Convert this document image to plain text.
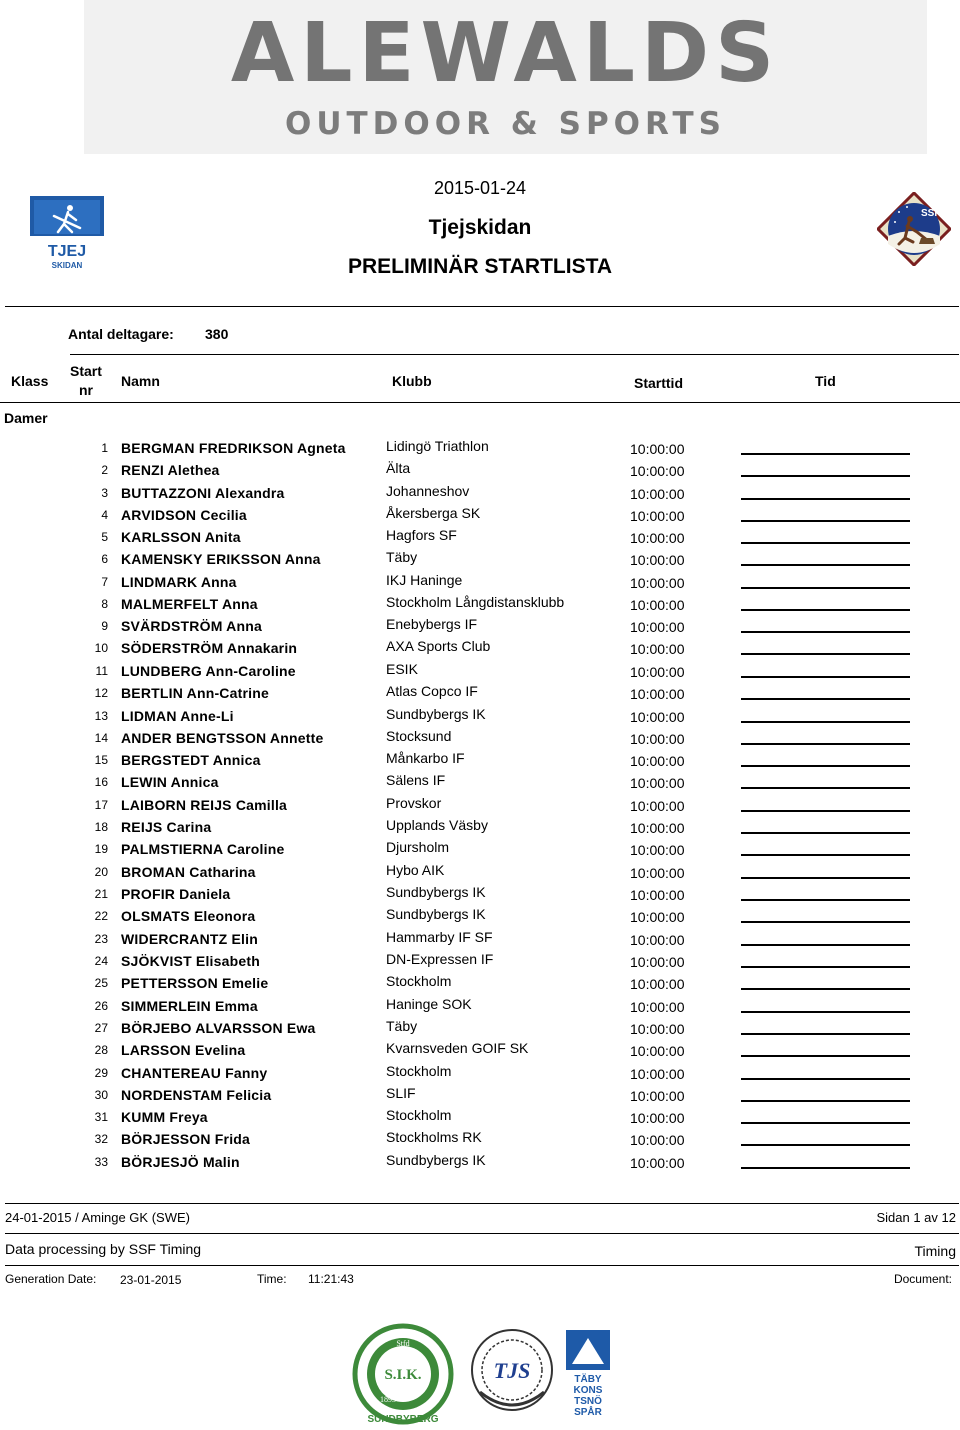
ALEWALDS
OUTDOOR & SPORTS
TJEJ
SKIDAN
SSF
2015-01-24
Tjejskidan
PRELIMINÄR STARTLISTA
Antal deltagare: 380
Klass
Start
nr
Namn	Klubb	Starttid	Tid
Damer
1 BERGMAN FREDRIKSON Agneta	Lidingö Triathlon	10:00:00
2 RENZI Alethea	Älta	10:00:00
3 BUTTAZZONI Alexandra	Johanneshov	10:00:00
4 ARVIDSON Cecilia	Åkersberga SK	10:00:00
5 KARLSSON Anita	Hagfors SF	10:00:00
6 KAMENSKY ERIKSSON Anna	Täby	10:00:00
7 LINDMARK Anna	IKJ Haninge	10:00:00
8 MALMERFELT Anna	Stockholm Långdistansklubb	10:00:00
9 SVÄRDSTRÖM Anna	Enebybergs IF	10:00:00
10 SÖDERSTRÖM Annakarin	AXA Sports Club	10:00:00
11 LUNDBERG Ann-Caroline	ESIK	10:00:00
12 BERTLIN Ann-Catrine	Atlas Copco IF	10:00:00
13 LIDMAN Anne-Li	Sundbybergs IK	10:00:00
14 ANDER BENGTSSON Annette	Stocksund	10:00:00
15 BERGSTEDT Annica	Månkarbo IF	10:00:00
16 LEWIN Annica	Sälens IF	10:00:00
17 LAIBORN REIJS Camilla	Provskor	10:00:00
18 REIJS Carina	Upplands Väsby	10:00:00
19 PALMSTIERNA Caroline	Djursholm	10:00:00
20 BROMAN Catharina	Hybo AIK	10:00:00
21 PROFIR Daniela	Sundbybergs IK	10:00:00
22 OLSMATS Eleonora	Sundbybergs IK	10:00:00
23 WIDERCRANTZ Elin	Hammarby IF SF	10:00:00
24 SJÖKVIST Elisabeth	DN-Expressen IF	10:00:00
25 PETTERSSON Emelie	Stockholm	10:00:00
26 SIMMERLEIN Emma	Haninge SOK	10:00:00
27 BÖRJEBO ALVARSSON Ewa	Täby	10:00:00
28 LARSSON Evelina	Kvarnsveden GOIF SK	10:00:00
29 CHANTEREAU Fanny	Stockholm	10:00:00
30 NORDENSTAM Felicia	SLIF	10:00:00
31 KUMM Freya	Stockholm	10:00:00
32 BÖRJESSON Frida	Stockholms RK	10:00:00
33 BÖRJESJÖ Malin	Sundbybergs IK	10:00:00
24-01-2015 / Aminge GK (SWE)	Sidan 1 av 12
Data processing by SSF Timing	Timing
Generation Date: 23-01-2015	Time: 11:21:43	Document:
Stfd
S.I.K.
1893
SUNDBYBERG
TJS	TÄBY
KONS
TSNÖ
SPÅR
